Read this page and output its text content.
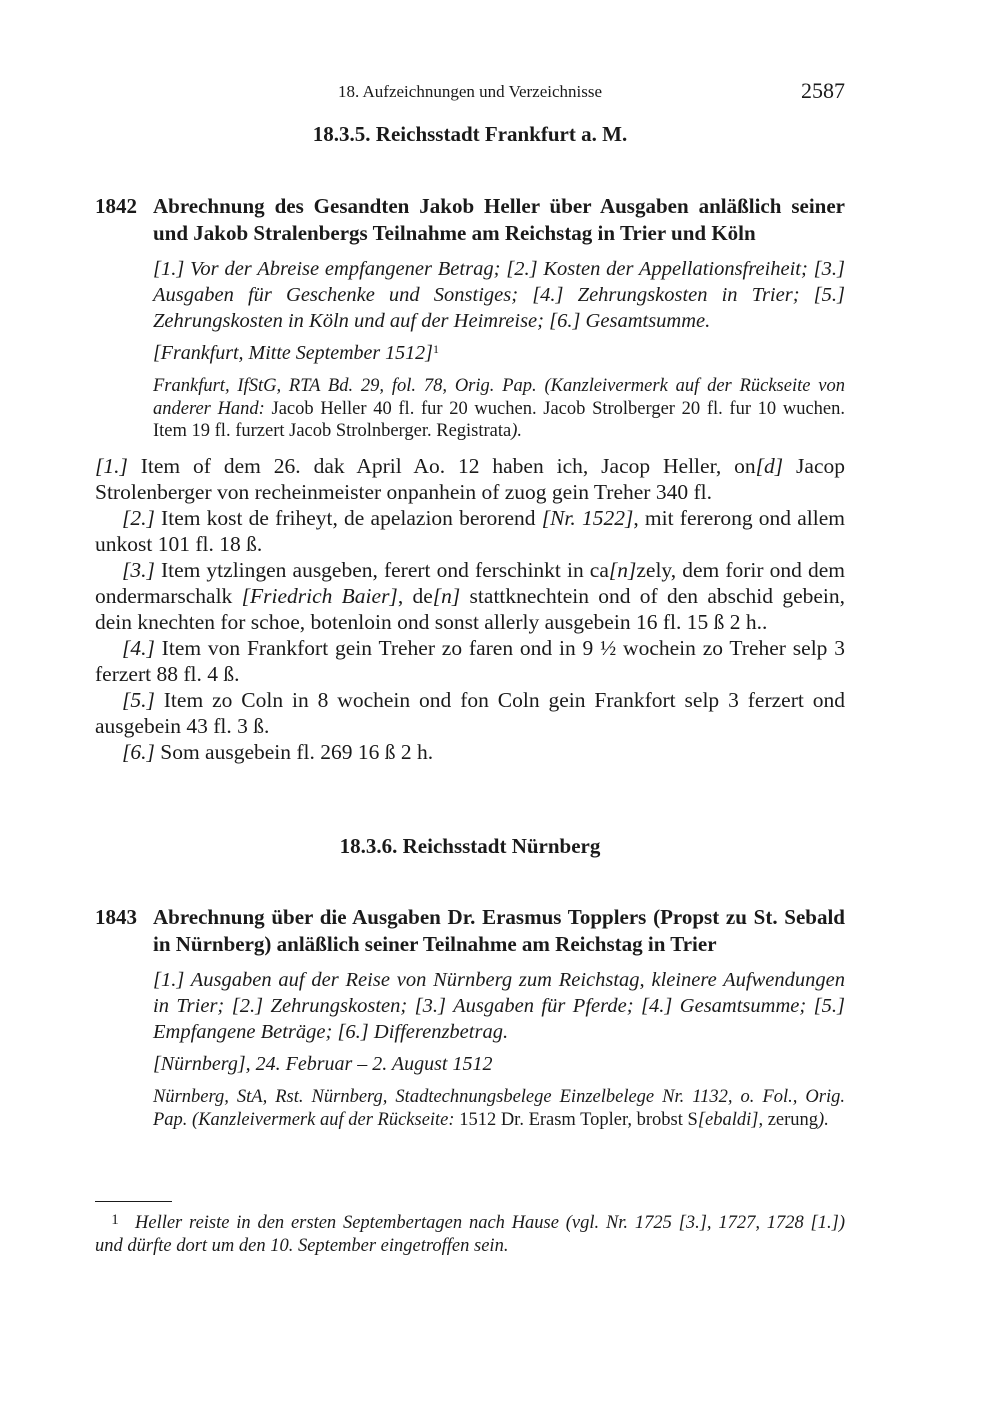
18. Aufzeichnungen und Verzeichnisse	2587
18.3.5. Reichsstadt Frankfurt a. M.
1842 Abrechnung des Gesandten Jakob Heller über Ausgaben anläßlich seiner und Jakob Stralenbergs Teilnahme am Reichstag in Trier und Köln
[1.] Vor der Abreise empfangener Betrag; [2.] Kosten der Appellationsfreiheit; [3.] Ausgaben für Geschenke und Sonstiges; [4.] Zehrungskosten in Trier; [5.] Zehrungskosten in Köln und auf der Heimreise; [6.] Gesamtsumme.
[Frankfurt, Mitte September 1512]$^1$
Frankfurt, IfStG, RTA Bd. 29, fol. 78, Orig. Pap. (Kanzleivermerk auf der Rückseite von anderer Hand: Jacob Heller 40 fl. fur 20 wuchen. Jacob Strolberger 20 fl. fur 10 wuchen. Item 19 fl. furzert Jacob Strolnberger. Registrata).

[1.] Item of dem 26. dak April Ao. 12 haben ich, Jacop Heller, on[d] Jacop Strolenberger von recheinmeister onpanhein of zuog gein Treher 340 fl.

[2.] Item kost de friheyt, de apelazion berorend [Nr. 1522], mit fererong ond allem unkost 101 fl. 18 ß.

[3.] Item ytzlingen ausgeben, ferert ond ferschinkt in ca[n]zely, dem forir ond dem ondermarschalk [Friedrich Baier], de[n] stattknechtein ond of den abschid gebein, dein knechten for schoe, botenloin ond sonst allerly ausgebein 16 fl. 15 ß 2 h..

[4.] Item von Frankfort gein Treher zo faren ond in 9 ½ wochein zo Treher selp 3 ferzert 88 fl. 4 ß.

[5.] Item zo Coln in 8 wochein ond fon Coln gein Frankfort selp 3 ferzert ond ausgebein 43 fl. 3 ß.

[6.] Som ausgebein fl. 269 16 ß 2 h.

18.3.6. Reichsstadt Nürnberg
1843 Abrechnung über die Ausgaben Dr. Erasmus Topplers (Propst zu St. Sebald in Nürnberg) anläßlich seiner Teilnahme am Reichstag in Trier
[1.] Ausgaben auf der Reise von Nürnberg zum Reichstag, kleinere Aufwendungen in Trier; [2.] Zehrungskosten; [3.] Ausgaben für Pferde; [4.] Gesamtsumme; [5.] Empfangene Beträge; [6.] Differenzbetrag.
[Nürnberg], 24. Februar – 2. August 1512
Nürnberg, StA, Rst. Nürnberg, Stadtechnungsbelege Einzelbelege Nr. 1132, o. Fol., Orig. Pap. (Kanzleivermerk auf der Rückseite: 1512 Dr. Erasm Topler, brobst S[ebaldi], zerung).
1 Heller reiste in den ersten Septembertagen nach Hause (vgl. Nr. 1725 [3.], 1727, 1728 [1.]) und dürfte dort um den 10. September eingetroffen sein.
